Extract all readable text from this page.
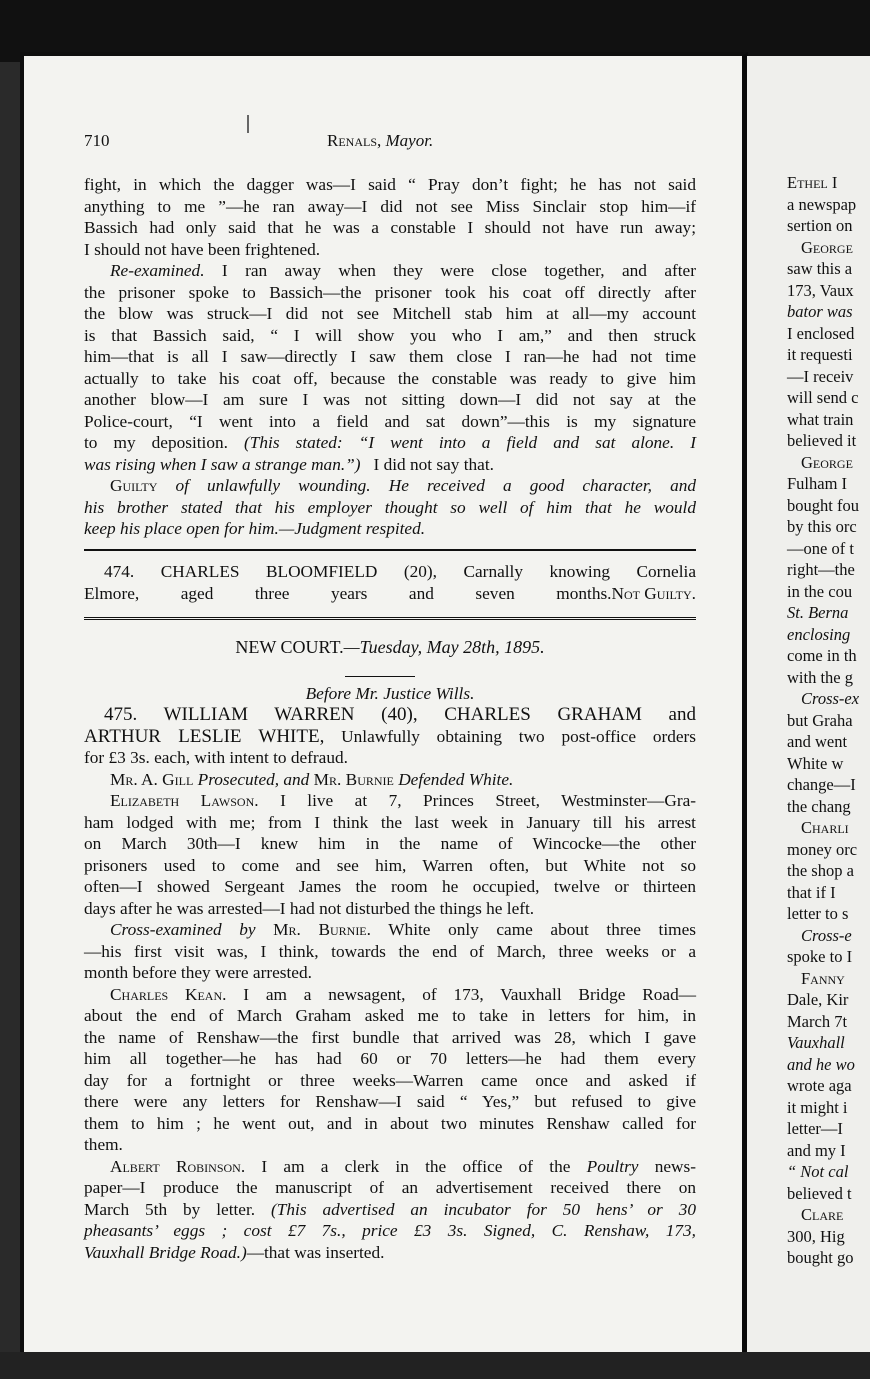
710	Renals, Mayor.
fight, in which the dagger was—I said “ Pray don’t fight; he has not said
anything to me ”—he ran away—I did not see Miss Sinclair stop him—if
Bassich had only said that he was a constable I should not have run away;
I should not have been frightened.
Re-examined. I ran away when they were close together, and after
the prisoner spoke to Bassich—the prisoner took his coat off directly after
the blow was struck—I did not see Mitchell stab him at all—my account
is that Bassich said, “ I will show you who I am,” and then struck
him—that is all I saw—directly I saw them close I ran—he had not time
actually to take his coat off, because the constable was ready to give him
another blow—I am sure I was not sitting down—I did not say at the
Police-court, “I went into a field and sat down”—this is my signature
to my deposition. (This stated: “I went into a field and sat alone. I
was rising when I saw a strange man.”) I did not say that.
Guilty of unlawfully wounding. He received a good character, and
his brother stated that his employer thought so well of him that he would
keep his place open for him.—Judgment respited.
474. CHARLES BLOOMFIELD (20), Carnally knowing Cornelia
Elmore, aged three years and seven months. Not Guilty.
NEW COURT.—Tuesday, May 28th, 1895.
Before Mr. Justice Wills.
475. WILLIAM WARREN (40), CHARLES GRAHAM and
ARTHUR LESLIE WHITE, Unlawfully obtaining two post-office orders
for £3 3s. each, with intent to defraud.
Mr. A. Gill Prosecuted, and Mr. Burnie Defended White.
Elizabeth Lawson. I live at 7, Princes Street, Westminster—Gra-
ham lodged with me; from I think the last week in January till his arrest
on March 30th—I knew him in the name of Wincocke—the other
prisoners used to come and see him, Warren often, but White not so
often—I showed Sergeant James the room he occupied, twelve or thirteen
days after he was arrested—I had not disturbed the things he left.
Cross-examined by Mr. Burnie. White only came about three times
—his first visit was, I think, towards the end of March, three weeks or a
month before they were arrested.
Charles Kean. I am a newsagent, of 173, Vauxhall Bridge Road—
about the end of March Graham asked me to take in letters for him, in
the name of Renshaw—the first bundle that arrived was 28, which I gave
him all together—he has had 60 or 70 letters—he had them every
day for a fortnight or three weeks—Warren came once and asked if
there were any letters for Renshaw—I said “ Yes,” but refused to give
them to him ; he went out, and in about two minutes Renshaw called for
them.
Albert Robinson. I am a clerk in the office of the Poultry news-
paper—I produce the manuscript of an advertisement received there on
March 5th by letter. (This advertised an incubator for 50 hens’ or 30
pheasants’ eggs ; cost £7 7s., price £3 3s. Signed, C. Renshaw, 173,
Vauxhall Bridge Road.)—that was inserted.
Ethel I
a newspap
sertion on
George
saw this a
173, Vaux
bator was
I enclosed
it requesti
—I receiv
will send c
what train
believed it
George
Fulham I
bought fou
by this orc
—one of t
right—the
in the cou
St. Berna
enclosing
come in th
with the g
Cross-ex
but Graha
and went
White w
change—I
the chang
Charli
money orc
the shop a
that if I
letter to s
Cross-e
spoke to I
Fanny
Dale, Kir
March 7t
Vauxhall
and he wo
wrote aga
it might i
letter—I
and my I
“ Not cal
believed t
Clare
300, Hig
bought go
